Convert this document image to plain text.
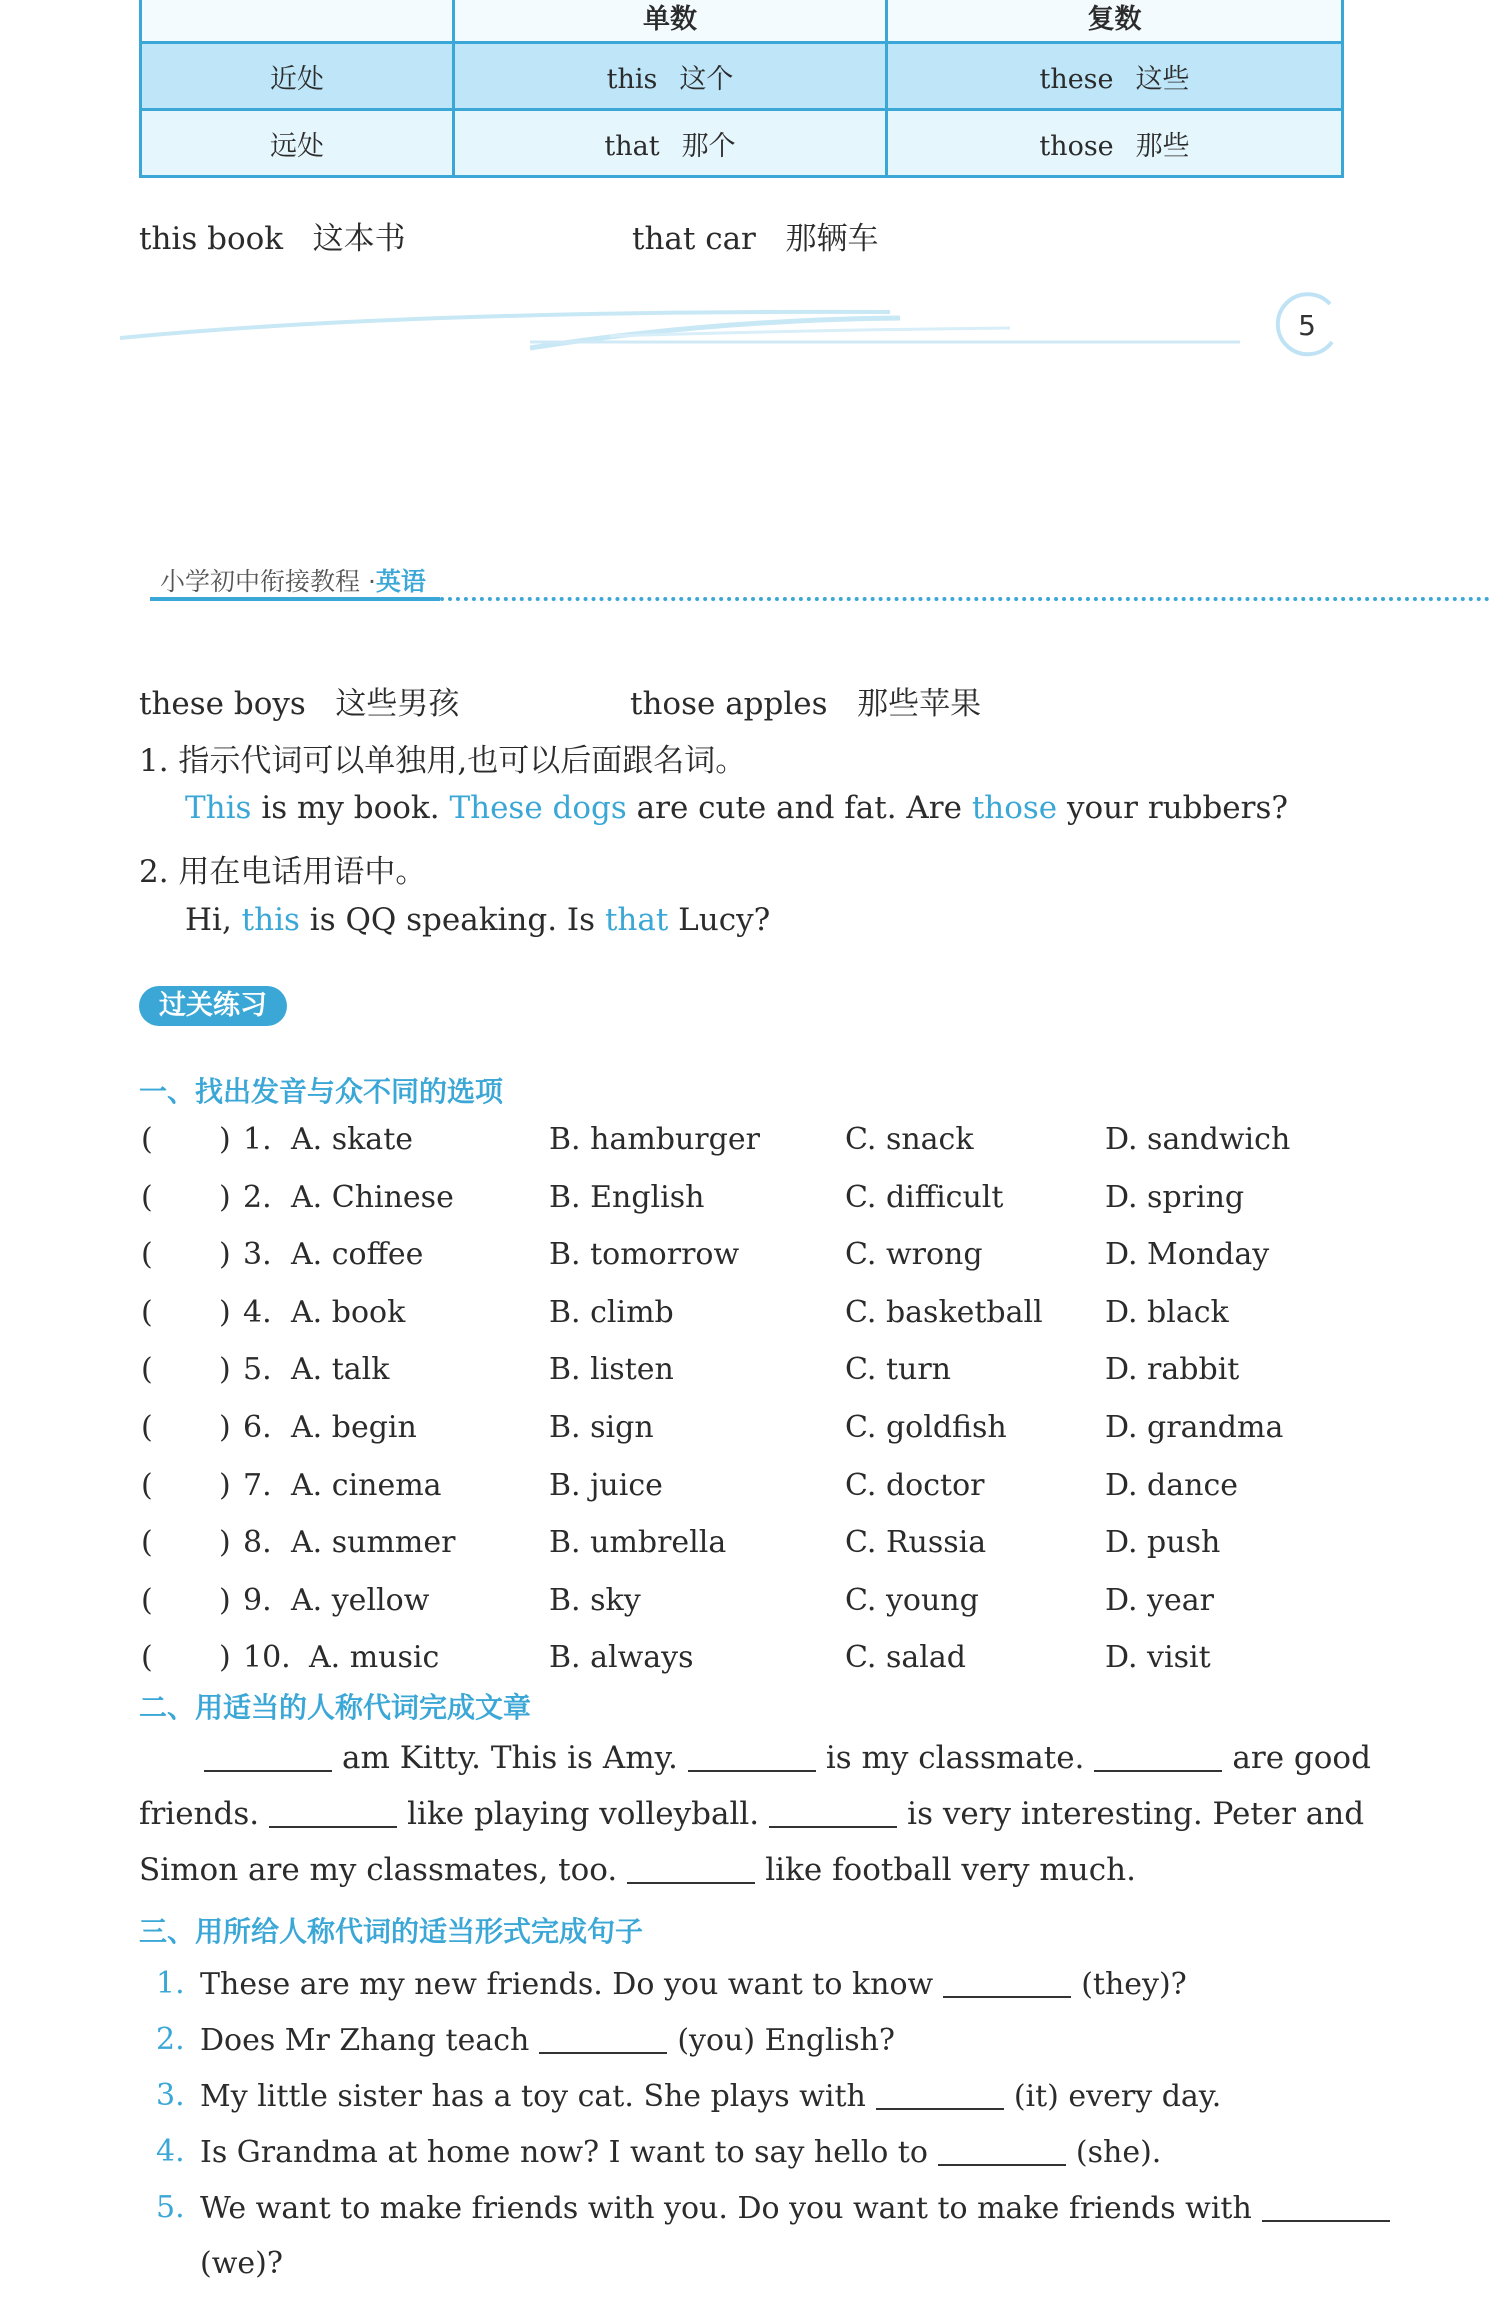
	单数	复数
近处	this 这个	these 这些
远处	that 那个	those 那些
this book 这本书	that car 那辆车
5
小学初中衔接教程 ·英语
these boys 这些男孩	those apples 那些苹果
1. 指示代词可以单独用,也可以后面跟名词。
This is my book. These dogs are cute and fat. Are those your rubbers?
2. 用在电话用语中。
Hi, this is QQ speaking. Is that Lucy?
过关练习
一、找出发音与众不同的选项
( ) 1. A. skate	B. hamburger	C. snack	D. sandwich
( ) 2. A. Chinese	B. English	C. difficult	D. spring
( ) 3. A. coffee	B. tomorrow	C. wrong	D. Monday
( ) 4. A. book	B. climb	C. basketball D. black
( ) 5. A. talk	B. listen	C. turn	D. rabbit
( ) 6. A. begin	B. sign	C. goldfish	D. grandma
( ) 7. A. cinema	B. juice	C. doctor	D. dance
( ) 8. A. summer	B. umbrella	C. Russia	D. push
( ) 9. A. yellow	B. sky	C. young	D. year
( ) 10. A. music	B. always	C. salad	D. visit
二、用适当的人称代词完成文章
am Kitty. This is Amy.	is my classmate.	are good
friends.	like playing volleyball.	is very interesting. Peter and
Simon are my classmates, too.	like football very much.
三、用所给人称代词的适当形式完成句子
1. These are my new friends. Do you want to know	(they)?
2. Does Mr Zhang teach	(you) English?
3. My little sister has a toy cat. She plays with	(it) every day.
4. Is Grandma at home now? I want to say hello to	(she).
5. We want to make friends with you. Do you want to make friends with
(we)?
